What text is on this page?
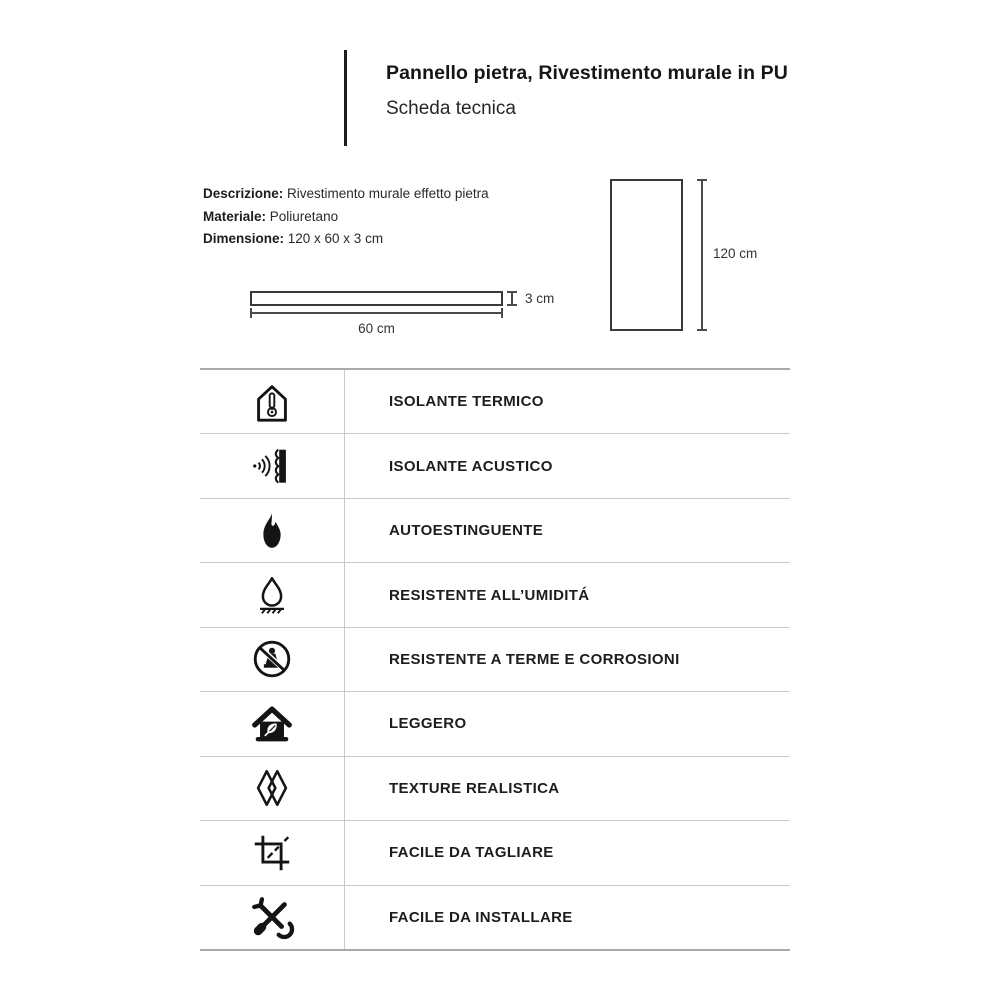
Pannello pietra, Rivestimento murale in PU
Scheda tecnica
Descrizione: Rivestimento murale effetto pietra
Materiale: Poliuretano
Dimensione: 120 x 60 x 3 cm
3 cm
60 cm
120 cm
ISOLANTE TERMICO
ISOLANTE ACUSTICO
AUTOESTINGUENTE
RESISTENTE ALL’UMIDITÁ
RESISTENTE A TERME E CORROSIONI
LEGGERO
TEXTURE REALISTICA
FACILE DA TAGLIARE
FACILE DA INSTALLARE
